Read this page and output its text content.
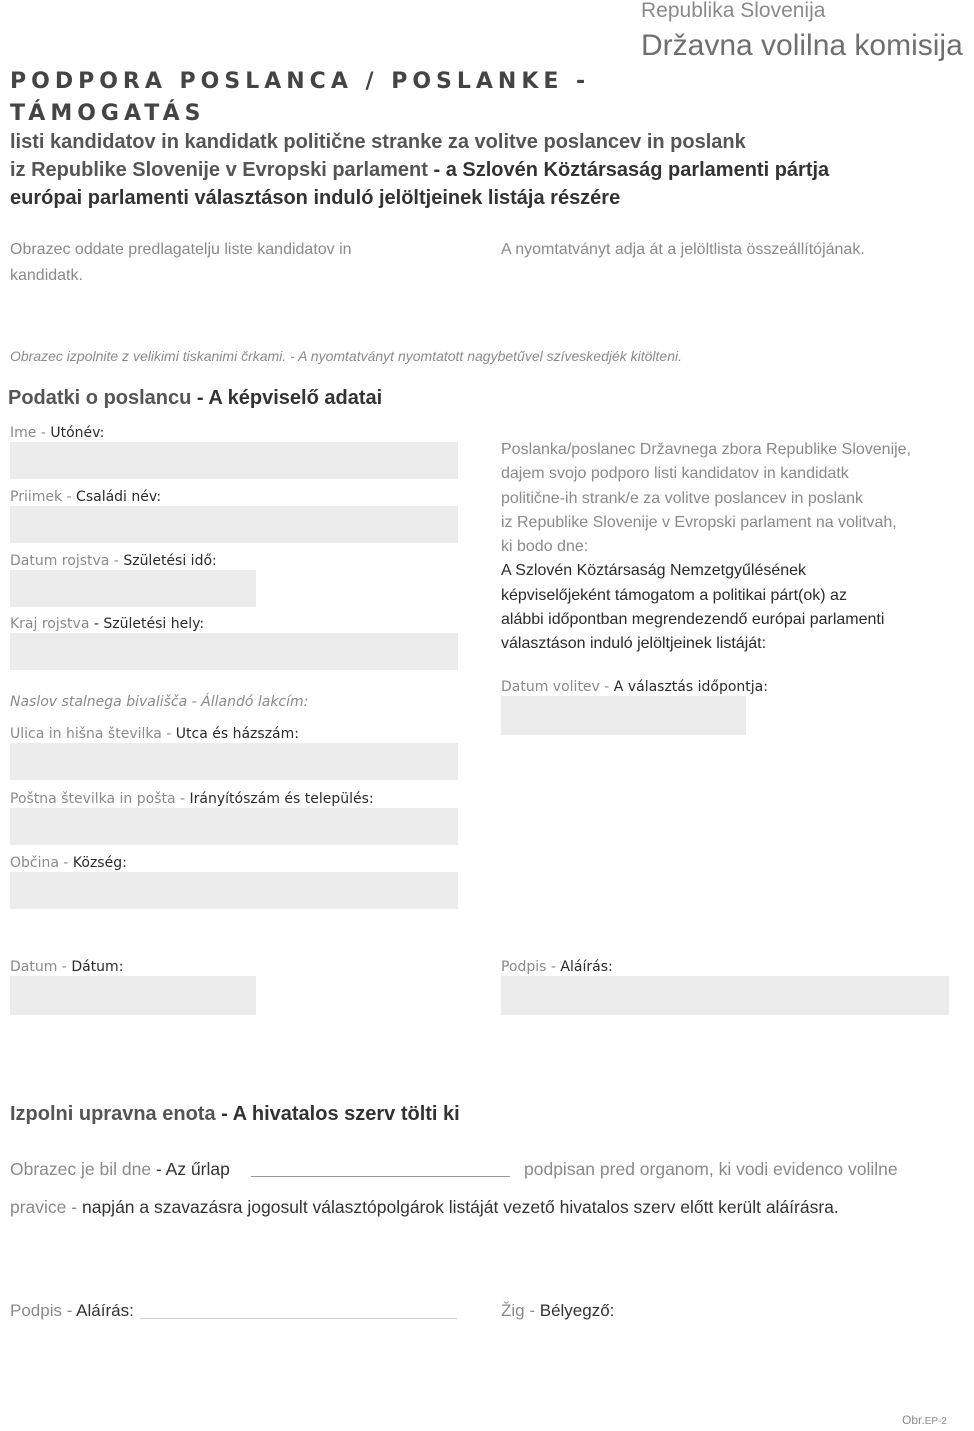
Republika Slovenija
Državna volilna komisija
PODPORA POSLANCA / POSLANKE -
TÁMOGATÁS
listi kandidatov in kandidatk politične stranke za volitve poslancev in poslank
iz Republike Slovenije v Evropski parlament - a Szlovén Köztársaság parlamenti pártja
európai parlamenti választáson induló jelöltjeinek listája részére
Obrazec oddate predlagatelju liste kandidatov in
kandidatk.
A nyomtatványt adja át a jelöltlista összeállítójának.
Obrazec izpolnite z velikimi tiskanimi črkami. - A nyomtatványt nyomtatott nagybetűvel szíveskedjék kitölteni.
Podatki o poslancu - A képviselő adatai
Ime - Utónév:
Priimek - Családi név:
Datum rojstva - Születési idő:
Kraj rojstva - Születési hely:
Naslov stalnega bivališča - Állandó lakcím:
Ulica in hišna številka - Utca és házszám:
Poštna številka in pošta - Irányítószám és település:
Občina - Község:
Poslanka/poslanec Državnega zbora Republike Slovenije,
dajem svojo podporo listi kandidatov in kandidatk
politične-ih strank/e za volitve poslancev in poslank
iz Republike Slovenije v Evropski parlament na volitvah,
ki bodo dne:
A Szlovén Köztársaság Nemzetgyűlésének
képviselőjeként támogatom a politikai párt(ok) az
alábbi időpontban megrendezendő európai parlamenti
választáson induló jelöltjeinek listáját:
Datum volitev - A választás időpontja:
Datum - Dátum:	Podpis - Aláírás:
Izpolni upravna enota - A hivatalos szerv tölti ki
Obrazec je bil dne - Az űrlap	podpisan pred organom, ki vodi evidenco volilne
pravice - napján a szavazásra jogosult választópolgárok listáját vezető hivatalos szerv előtt került aláírásra.
Podpis - Aláírás:	Žig - Bélyegző:
Obr.EP-2
